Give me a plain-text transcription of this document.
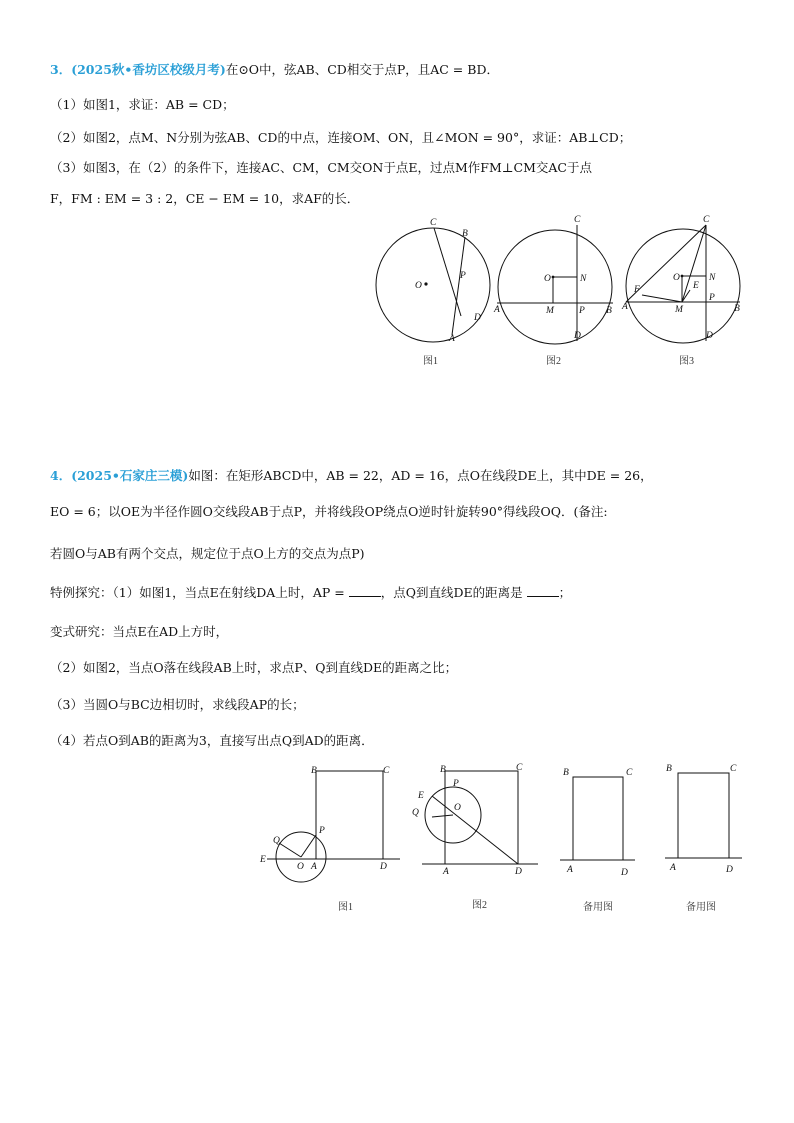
3．(2025秋•香坊区校级月考)在⊙O中，弦AB、CD相交于点P，且AC = BD．
（1）如图1，求证：AB = CD；
（2）如图2，点M、N分别为弦AB、CD的中点，连接OM、ON，且∠MON = 90°，求证：AB⊥CD；
（3）如图3，在（2）的条件下，连接AC、CM，CM交ON于点E，过点M作FM⊥CM交AC于点
F，FM : EM = 3 : 2，CE − EM = 10，求AF的长．
C
B
P
O
D
A
图1
C
O	N
A	M	P B
D
图2
C
O	N
E
F
A	M
P
B
D
图3
4．(2025•石家庄三模)如图：在矩形ABCD中，AB = 22，AD = 16，点O在线段DE上，其中DE = 26，
EO = 6；以OE为半径作圆O交线段AB于点P，并将线段OP绕点O逆时针旋转90°得线段OQ．(备注:
若圆O与AB有两个交点，规定位于点O上方的交点为点P)
特例探究：（1）如图1，当点E在射线DA上时，AP =	，点Q到直线DE的距离是	；
变式研究：当点E在AD上方时，
（2）如图2，当点O落在线段AB上时，求点P、Q到直线DE的距离之比；
（3）当圆O与BC边相切时，求线段AP的长；
（4）若点O到AB的距离为3，直接写出点Q到AD的距离．
B	C
Q
P
E
O A	D
图1
B	C
P
E
O
Q
A	D
图2
B	C
A	D
备用图
B	C
A	D
备用图
